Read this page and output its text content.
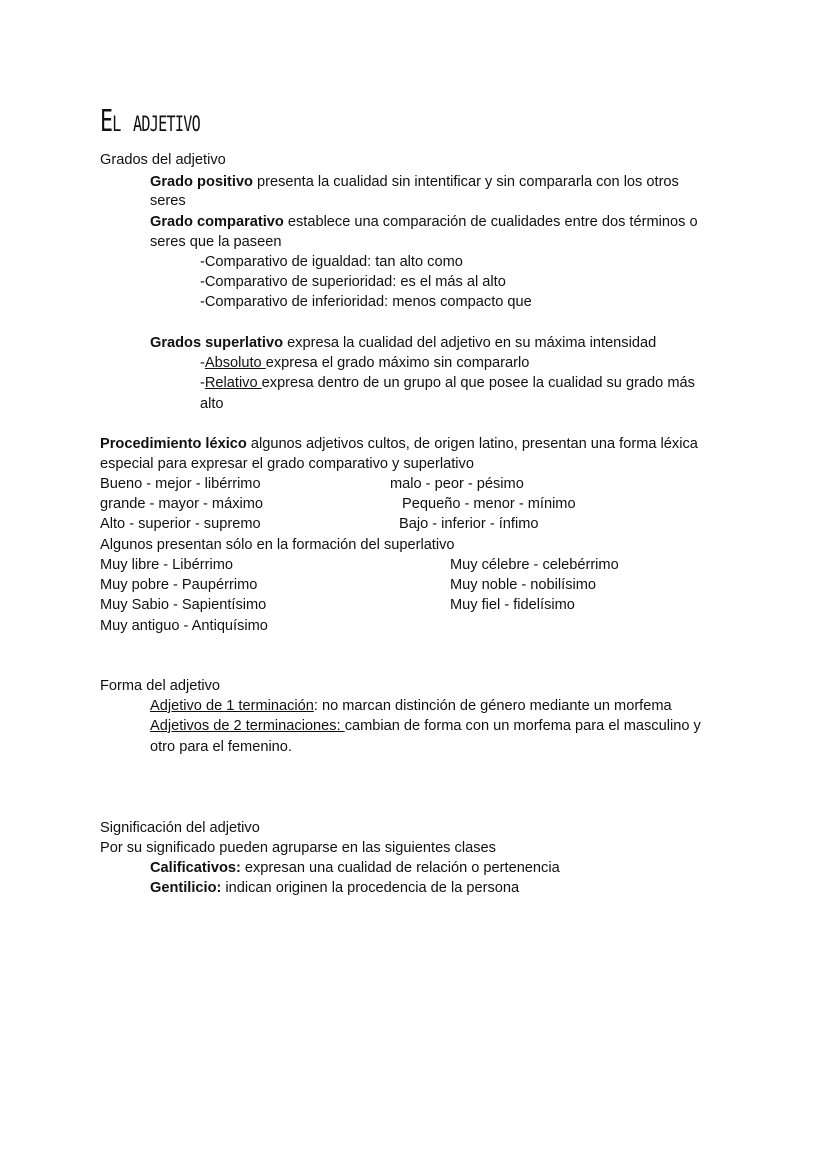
El adjetivo
Grados del adjetivo
Grado positivo presenta la cualidad sin intentificar y sin compararla con los otros
seres
Grado comparativo establece una comparación de cualidades entre dos términos o
seres que la paseen
-Comparativo de igualdad: tan alto como
-Comparativo de superioridad: es el más al alto
-Comparativo de inferioridad: menos compacto que
Grados superlativo expresa la cualidad del adjetivo en su máxima intensidad
-Absoluto expresa el grado máximo sin compararlo
-Relativo expresa dentro de un grupo al que posee la cualidad su grado más
alto
Procedimiento léxico algunos adjetivos cultos, de origen latino, presentan una forma léxica
especial para expresar el grado comparativo y superlativo
Bueno - mejor - libérrimo	malo - peor - pésimo
grande - mayor - máximo	Pequeño - menor - mínimo
Alto - superior - supremo	Bajo - inferior - ínfimo
Algunos presentan sólo en la formación del superlativo
Muy libre - Libérrimo	Muy célebre - celebérrimo
Muy pobre - Paupérrimo	Muy noble - nobilísimo
Muy Sabio - Sapientísimo	Muy fiel - fidelísimo
Muy antiguo - Antiquísimo
Forma del adjetivo
Adjetivo de 1 terminación: no marcan distinción de género mediante un morfema
Adjetivos de 2 terminaciones: cambian de forma con un morfema para el masculino y
otro para el femenino.
Significación del adjetivo
Por su significado pueden agruparse en las siguientes clases
Calificativos: expresan una cualidad de relación o pertenencia
Gentilicio: indican originen la procedencia de la persona
